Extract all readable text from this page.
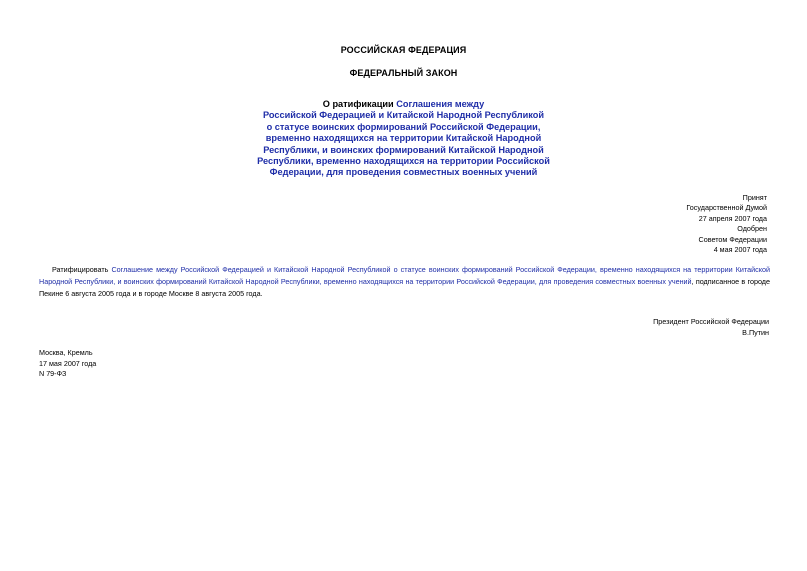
РОССИЙСКАЯ ФЕДЕРАЦИЯ
ФЕДЕРАЛЬНЫЙ ЗАКОН
О ратификации Соглашения между
Российской Федерацией и Китайской Народной Республикой
о статусе воинских формирований Российской Федерации,
временно находящихся на территории Китайской Народной
Республики, и воинских формирований Китайской Народной
Республики, временно находящихся на территории Российской
Федерации, для проведения совместных военных учений
Принят
Государственной Думой
27 апреля 2007 года
Одобрен
Советом Федерации
4 мая 2007 года

Ратифицировать Соглашение между Российской Федерацией и Китайской Народной Республикой о статусе воинских формирований Российской Федерации, временно находящихся на территории Китайской Народной Республики, и воинских формирований Китайской Народной Республики, временно находящихся на территории Российской Федерации, для проведения совместных военных учений, подписанное в городе Пекине 6 августа 2005 года и в городе Москве 8 августа 2005 года.

Президент Российской Федерации
В.Путин
Москва, Кремль
17 мая 2007 года
N 79-ФЗ
